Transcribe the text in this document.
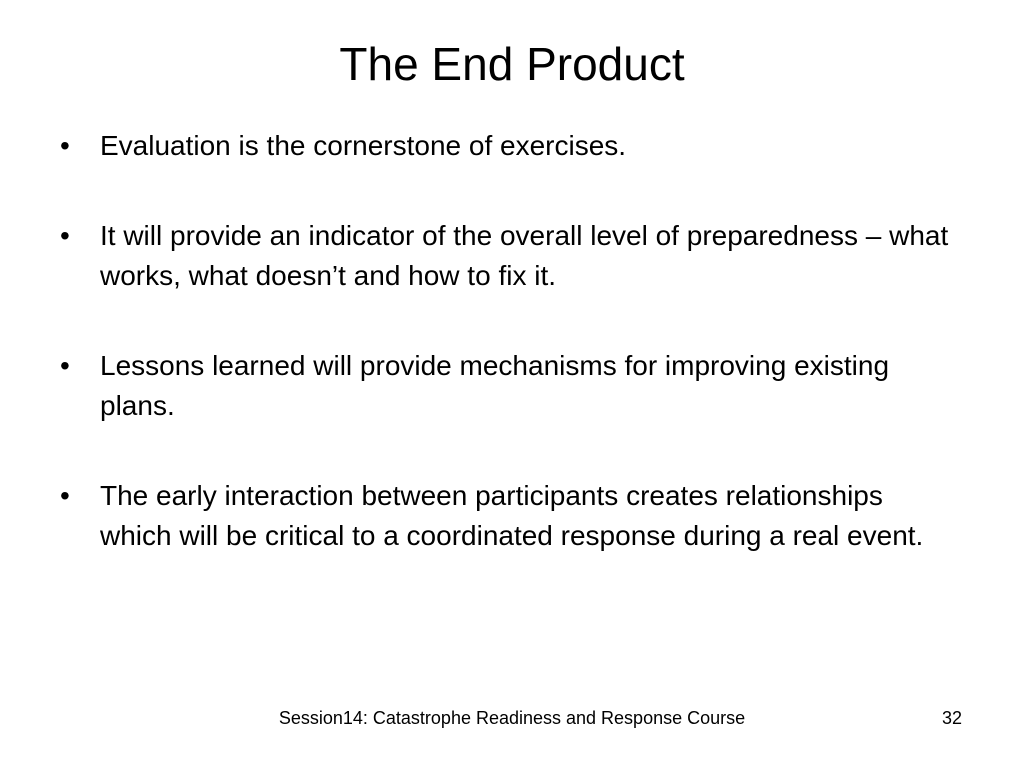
The End Product
•	Evaluation is the cornerstone of exercises.
•	It will provide an indicator of the overall level of preparedness – what works, what doesn’t and how to fix it.
•	Lessons learned will provide mechanisms for improving existing plans.
•	The early interaction between participants creates relationships which will be critical to a coordinated response during a real event.
Session14: Catastrophe Readiness and Response Course	32
